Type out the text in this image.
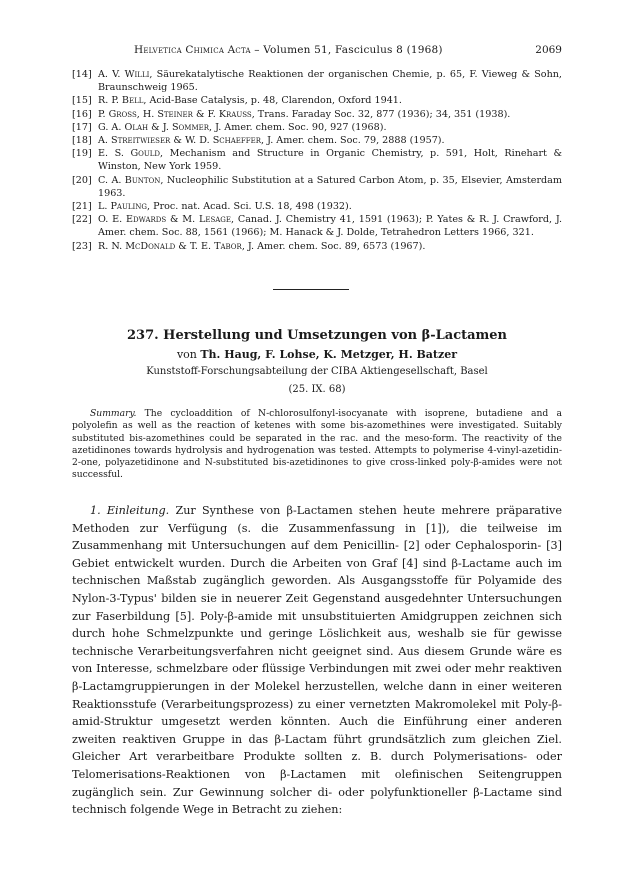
Helvetica Chimica Acta – Volumen 51, Fasciculus 8 (1968)	2069
[14] A. V. Willi, Säurekatalytische Reaktionen der organischen Chemie, p. 65, F. Vieweg & Sohn, Braunschweig 1965.
[15] R. P. Bell, Acid-Base Catalysis, p. 48, Clarendon, Oxford 1941.
[16] P. Gross, H. Steiner & F. Krauss, Trans. Faraday Soc. 32, 877 (1936); 34, 351 (1938).
[17] G. A. Olah & J. Sommer, J. Amer. chem. Soc. 90, 927 (1968).
[18] A. Streitwieser & W. D. Schaeffer, J. Amer. chem. Soc. 79, 2888 (1957).
[19] E. S. Gould, Mechanism and Structure in Organic Chemistry, p. 591, Holt, Rinehart & Winston, New York 1959.
[20] C. A. Bunton, Nucleophilic Substitution at a Satured Carbon Atom, p. 35, Elsevier, Amsterdam 1963.
[21] L. Pauling, Proc. nat. Acad. Sci. U.S. 18, 498 (1932).
[22] O. E. Edwards & M. Lesage, Canad. J. Chemistry 41, 1591 (1963); P. Yates & R. J. Crawford, J. Amer. chem. Soc. 88, 1561 (1966); M. Hanack & J. Dolde, Tetrahedron Letters 1966, 321.
[23] R. N. McDonald & T. E. Tabor, J. Amer. chem. Soc. 89, 6573 (1967).
237. Herstellung und Umsetzungen von β-Lactamen
von Th. Haug, F. Lohse, K. Metzger, H. Batzer
Kunststoff-Forschungsabteilung der CIBA Aktiengesellschaft, Basel
(25. IX. 68)
Summary. The cycloaddition of N-chlorosulfonyl-isocyanate with isoprene, butadiene and a polyolefin as well as the reaction of ketenes with some bis-azomethines were investigated. Suitably substituted bis-azomethines could be separated in the rac. and the meso-form. The reactivity of the azetidinones towards hydrolysis and hydrogenation was tested. Attempts to polymerise 4-vinyl-azetidin-2-one, polyazetidinone and N-substituted bis-azetidinones to give cross-linked poly-β-amides were not successful.
1. Einleitung. Zur Synthese von β-Lactamen stehen heute mehrere präparative Methoden zur Verfügung (s. die Zusammenfassung in [1]), die teilweise im Zusammenhang mit Untersuchungen auf dem Penicillin- [2] oder Cephalosporin- [3] Gebiet entwickelt wurden. Durch die Arbeiten von Graf [4] sind β-Lactame auch im technischen Maßstab zugänglich geworden. Als Ausgangsstoffe für Polyamide des Nylon-3-Typus' bilden sie in neuerer Zeit Gegenstand ausgedehnter Untersuchungen zur Faserbildung [5]. Poly-β-amide mit unsubstituierten Amidgruppen zeichnen sich durch hohe Schmelzpunkte und geringe Löslichkeit aus, weshalb sie für gewisse technische Verarbeitungsverfahren nicht geeignet sind. Aus diesem Grunde wäre es von Interesse, schmelzbare oder flüssige Verbindungen mit zwei oder mehr reaktiven β-Lactamgruppierungen in der Molekel herzustellen, welche dann in einer weiteren Reaktionsstufe (Verarbeitungsprozess) zu einer vernetzten Makromolekel mit Poly-β-amid-Struktur umgesetzt werden könnten. Auch die Einführung einer anderen zweiten reaktiven Gruppe in das β-Lactam führt grundsätzlich zum gleichen Ziel. Gleicher Art verarbeitbare Produkte sollten z. B. durch Polymerisations- oder Telomerisations-Reaktionen von β-Lactamen mit olefinischen Seitengruppen zugänglich sein. Zur Gewinnung solcher di- oder polyfunktioneller β-Lactame sind technisch folgende Wege in Betracht zu ziehen:
